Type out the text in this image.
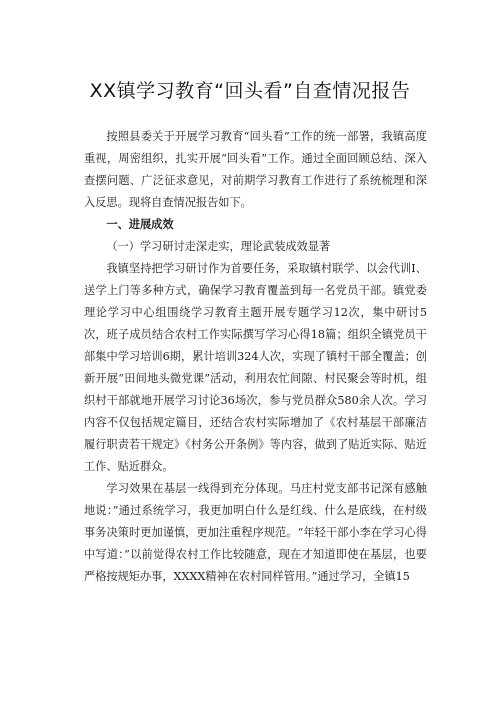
XX镇学习教育“回头看”自查情况报告

按照县委关于开展学习教育“回头看”工作的统一部署，我镇高度重视，周密组织，扎实开展“回头看”工作。通过全面回顾总结、深入查摆问题、广泛征求意见，对前期学习教育工作进行了系统梳理和深入反思。现将自查情况报告如下。

一、进展成效
（一）学习研讨走深走实，理论武装成效显著

我镇坚持把学习研讨作为首要任务，采取镇村联学、以会代训I、送学上门等多种方式，确保学习教育覆盖到每一名党员干部。镇党委理论学习中心组围绕学习教育主题开展专题学习12次，集中研讨5次，班子成员结合农村工作实际撰写学习心得18篇；组织全镇党员干部集中学习培训6期，累计培训324人次，实现了镇村干部全覆盖；创新开展“田间地头微党课”活动，利用农忙间隙、村民聚会等时机，组织村干部就地开展学习讨论36场次，参与党员群众580余人次。学习内容不仅包括规定篇目，还结合农村实际增加了《农村基层干部廉洁履行职责若干规定》《村务公开条例》等内容，做到了贴近实际、贴近工作、贴近群众。

学习效果在基层一线得到充分体现。马庄村党支部书记深有感触地说：”通过系统学习，我更加明白什么是红线、什么是底线，在村级事务决策时更加谨慎，更加注重程序规范。“年轻干部小李在学习心得中写道：”以前觉得农村工作比较随意，现在才知道即使在基层，也要严格按规矩办事，XXXX精神在农村同样管用。”通过学习，全镇15
